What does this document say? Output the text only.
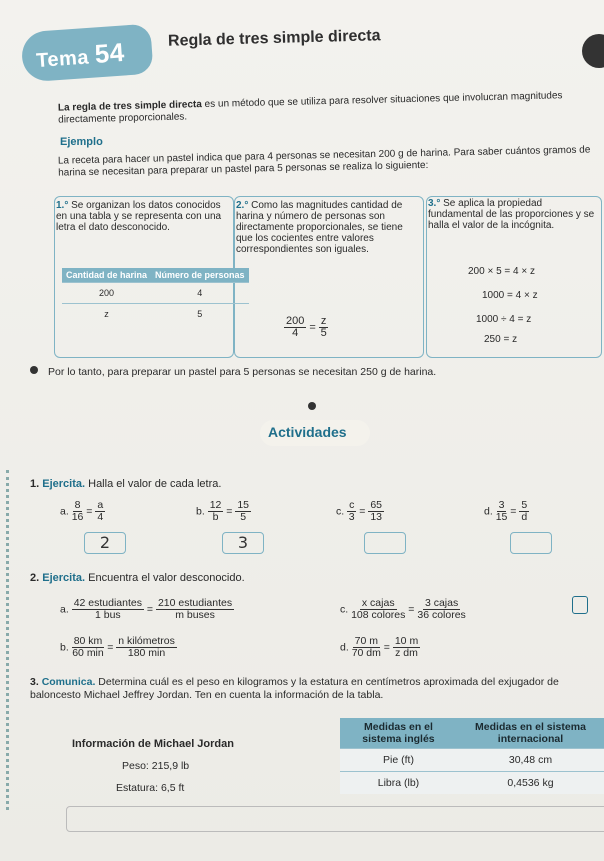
Tema 54	Regla de tres simple directa
La regla de tres simple directa es un método que se utiliza para resolver situaciones que involucran magnitudes directamente proporcionales.
Ejemplo
La receta para hacer un pastel indica que para 4 personas se necesitan 200 g de harina. Para saber cuántos gramos de harina se necesitan para preparar un pastel para 5 personas se realiza lo siguiente:
1.° Se organizan los datos conocidos en una tabla y se representa con una letra el dato desconocido.
Cantidad de harina	Número de personas
200	4
z	5
2.° Como las magnitudes cantidad de harina y número de personas son directamente proporcionales, se tiene que los cocientes entre valores correspondientes son iguales.
$\frac{200}{4} = \frac{z}{5}$
3.° Se aplica la propiedad fundamental de las proporciones y se halla el valor de la incógnita.
200 × 5 = 4 × z
1000 = 4 × z
1000 ÷ 4 = z
250 = z
Por lo tanto, para preparar un pastel para 5 personas se necesitan 250 g de harina.
Actividades
1. Ejercita. Halla el valor de cada letra.
a. $\frac{8}{16} = \frac{a}{4}$
2
b. $\frac{12}{b} = \frac{15}{5}$
3
c. $\frac{c}{3} = \frac{65}{13}$	d. $\frac{3}{15} = \frac{5}{d}$
2. Ejercita. Encuentra el valor desconocido.
a. $\frac{\text{42 estudiantes}}{\text{1 bus}} = \frac{\text{210 estudiantes}}{\text{m buses}}$	c. $\frac{\text{x cajas}}{\text{108 colores}} = \frac{\text{3 cajas}}{\text{36 colores}}$
b. $\frac{80 km}{60 \min} = \frac{\text{n kilómetros}}{180 \min}$	d. $\frac{70 m}{70 dm} = \frac{10 m}{\text{z dm}}$
3. Comunica. Determina cuál es el peso en kilogramos y la estatura en centímetros aproximada del exjugador de baloncesto Michael Jeffrey Jordan. Ten en cuenta la información de la tabla.
Información de Michael Jordan
Peso: 215,9 lb
Estatura: 6,5 ft
Medidas en el sistema inglés	Medidas en el sistema internacional
Pie (ft)	30,48 cm
Libra (lb)	0,4536 kg
